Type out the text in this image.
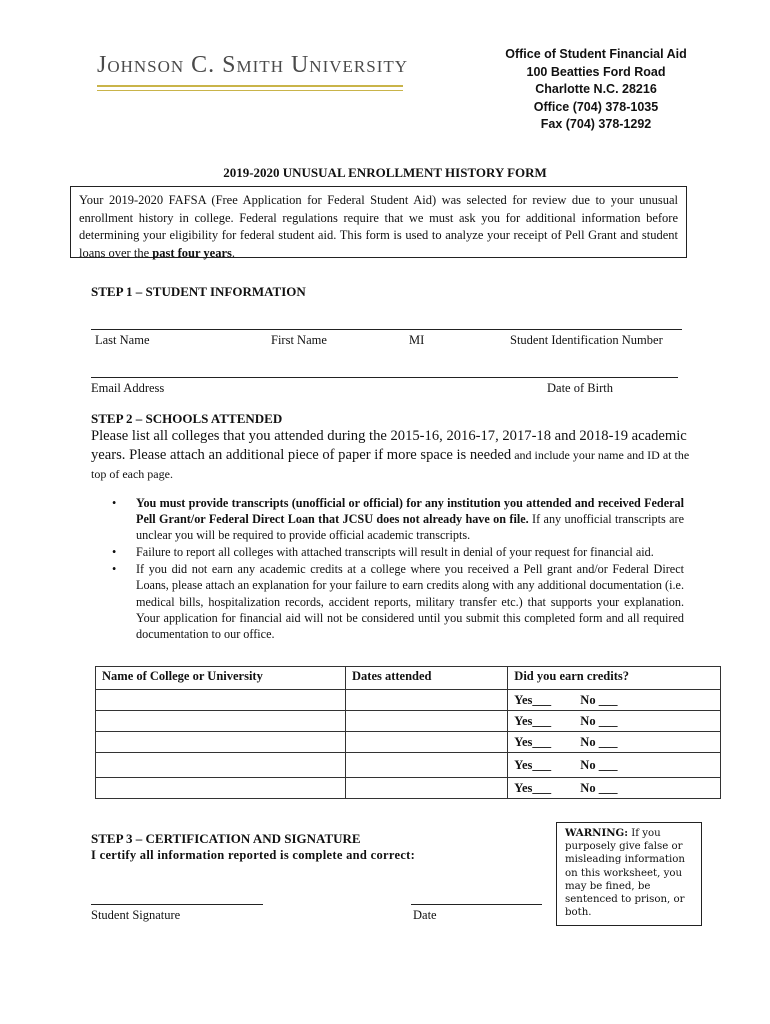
Johnson C. Smith University	Office of Student Financial Aid
100 Beatties Ford Road
Charlotte N.C. 28216
Office (704) 378-1035
Fax (704) 378-1292
2019-2020 UNUSUAL ENROLLMENT HISTORY FORM
Your 2019-2020 FAFSA (Free Application for Federal Student Aid) was selected for review due to your unusual enrollment history in college. Federal regulations require that we must ask you for additional information before determining your eligibility for federal student aid. This form is used to analyze your receipt of Pell Grant and student loans over the past four years.
STEP 1 – STUDENT INFORMATION
Last Name	First Name	MI	Student Identification Number
Email Address	Date of Birth
STEP 2 – SCHOOLS ATTENDED
Please list all colleges that you attended during the 2015-16, 2016-17, 2017-18 and 2018-19 academic years. Please attach an additional piece of paper if more space is needed and include your name and ID at the top of each page.
• You must provide transcripts (unofficial or official) for any institution you attended and received Federal Pell Grant/or Federal Direct Loan that JCSU does not already have on file. If any unofficial transcripts are unclear you will be required to provide official academic transcripts.
• Failure to report all colleges with attached transcripts will result in denial of your request for financial aid.
• If you did not earn any academic credits at a college where you received a Pell grant and/or Federal Direct Loans, please attach an explanation for your failure to earn credits along with any additional documentation (i.e. medical bills, hospitalization records, accident reports, military transfer etc.) that supports your explanation. Your application for financial aid will not be considered until you submit this completed form and all required documentation to our office.
Name of College or University	Dates attended	Did you earn credits?

		Yes___ No ___

		Yes___ No ___

		Yes___ No ___

		Yes___ No ___

		Yes___ No ___
STEP 3 – CERTIFICATION AND SIGNATURE
I certify all information reported is complete and correct:
Student Signature	Date
WARNING: If you purposely give false or misleading information on this worksheet, you may be fined, be sentenced to prison, or both.
